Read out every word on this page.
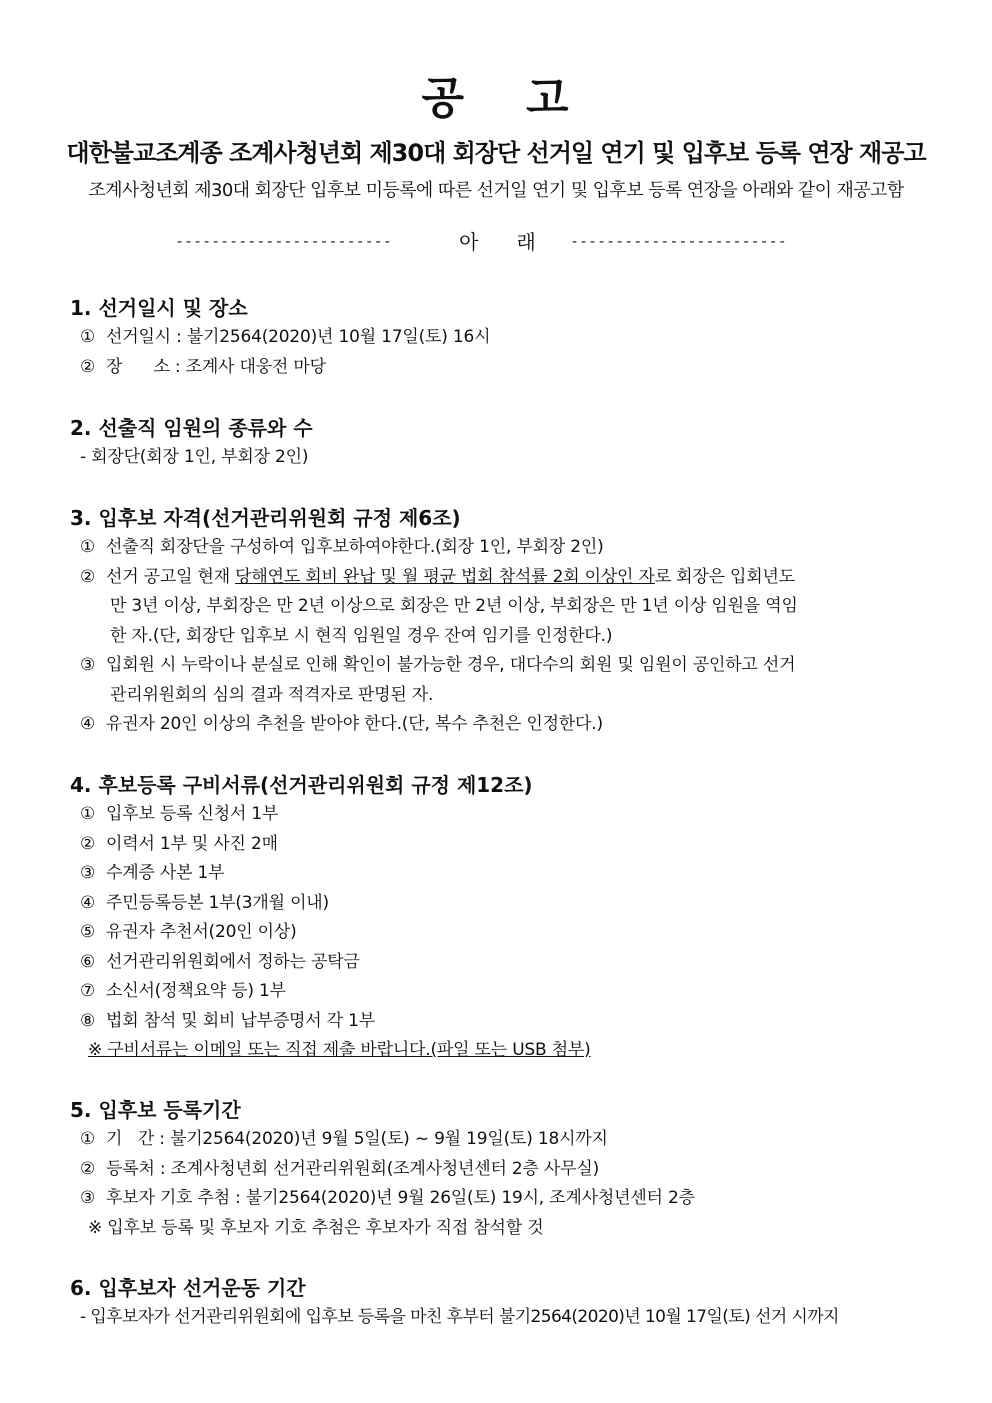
공 고
대한불교조계종 조계사청년회 제30대 회장단 선거일 연기 및 입후보 등록 연장 재공고
조계사청년회 제30대 회장단 입후보 미등록에 따른 선거일 연기 및 입후보 등록 연장을 아래와 같이 재공고함
------------------------	아      래 ------------------------
1. 선거일시 및 장소
① 선거일시 : 불기2564(2020)년 10월 17일(토) 16시
② 장      소 : 조계사 대웅전 마당
2. 선출직 임원의 종류와 수
- 회장단(회장 1인, 부회장 2인)
3. 입후보 자격(선거관리위원회 규정 제6조)
① 선출직 회장단을 구성하여 입후보하여야한다.(회장 1인, 부회장 2인)
② 선거 공고일 현재 당해연도 회비 완납 및 월 평균 법회 참석률 2회 이상인 자로 회장은 입회년도
만 3년 이상, 부회장은 만 2년 이상으로 회장은 만 2년 이상, 부회장은 만 1년 이상 임원을 역임
한 자.(단, 회장단 입후보 시 현직 임원일 경우 잔여 임기를 인정한다.)
③ 입회원 시 누락이나 분실로 인해 확인이 불가능한 경우, 대다수의 회원 및 임원이 공인하고 선거
관리위원회의 심의 결과 적격자로 판명된 자.
④ 유권자 20인 이상의 추천을 받아야 한다.(단, 복수 추천은 인정한다.)
4. 후보등록 구비서류(선거관리위원회 규정 제12조)
① 입후보 등록 신청서 1부
② 이력서 1부 및 사진 2매
③ 수계증 사본 1부
④ 주민등록등본 1부(3개월 이내)
⑤ 유권자 추천서(20인 이상)
⑥ 선거관리위원회에서 정하는 공탁금
⑦ 소신서(정책요약 등) 1부
⑧ 법회 참석 및 회비 납부증명서 각 1부
※ 구비서류는 이메일 또는 직접 제출 바랍니다.(파일 또는 USB 첨부)
5. 입후보 등록기간
① 기   간 : 불기2564(2020)년 9월 5일(토) ~ 9월 19일(토) 18시까지
② 등록처 : 조계사청년회 선거관리위원회(조계사청년센터 2층 사무실)
③ 후보자 기호 추첨 : 불기2564(2020)년 9월 26일(토) 19시, 조계사청년센터 2층
※ 입후보 등록 및 후보자 기호 추첨은 후보자가 직접 참석할 것
6. 입후보자 선거운동 기간
- 입후보자가 선거관리위원회에 입후보 등록을 마친 후부터 불기2564(2020)년 10월 17일(토) 선거 시까지
